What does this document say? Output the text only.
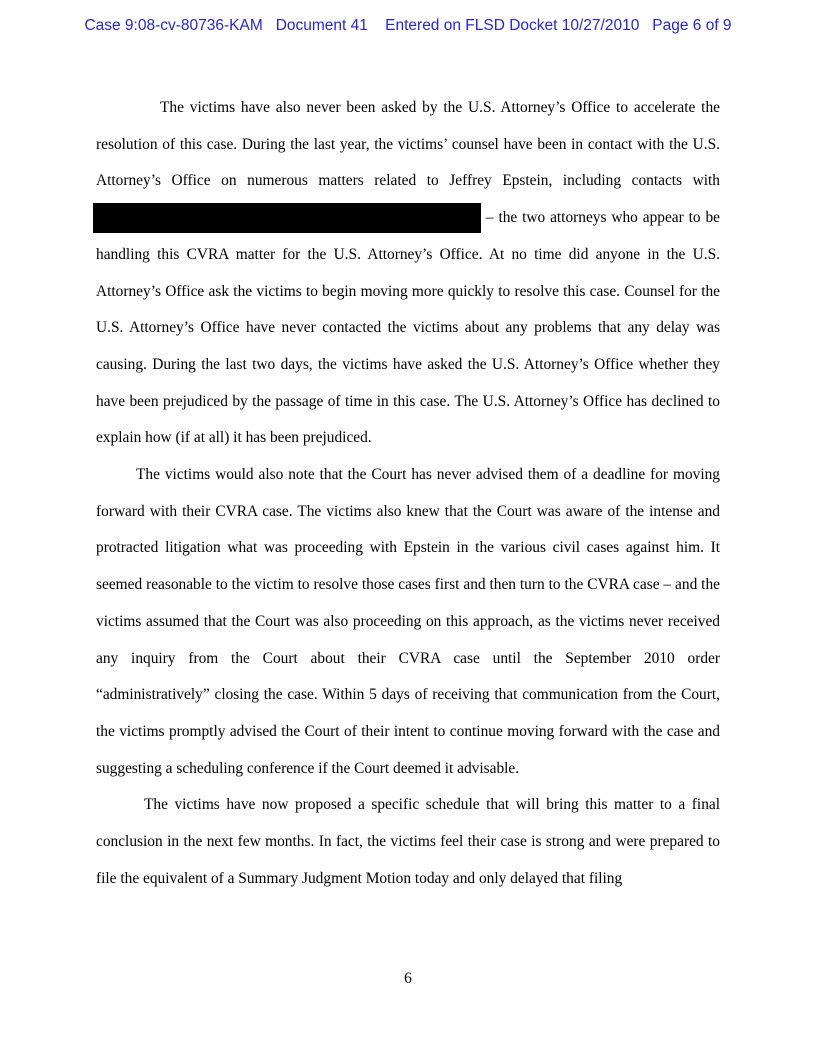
Case 9:08-cv-80736-KAM Document 41 Entered on FLSD Docket 10/27/2010 Page 6 of 9

The victims have also never been asked by the U.S. Attorney’s Office to accelerate the resolution of this case. During the last year, the victims’ counsel have been in contact with the U.S. Attorney’s Office on numerous matters related to Jeffrey Epstein, including contacts with  – the two attorneys who appear to be handling this CVRA matter for the U.S. Attorney’s Office. At no time did anyone in the U.S. Attorney’s Office ask the victims to begin moving more quickly to resolve this case. Counsel for the U.S. Attorney’s Office have never contacted the victims about any problems that any delay was causing. During the last two days, the victims have asked the U.S. Attorney’s Office whether they have been prejudiced by the passage of time in this case. The U.S. Attorney’s Office has declined to explain how (if at all) it has been prejudiced.

The victims would also note that the Court has never advised them of a deadline for moving forward with their CVRA case. The victims also knew that the Court was aware of the intense and protracted litigation what was proceeding with Epstein in the various civil cases against him. It seemed reasonable to the victim to resolve those cases first and then turn to the CVRA case – and the victims assumed that the Court was also proceeding on this approach, as the victims never received any inquiry from the Court about their CVRA case until the September 2010 order “administratively” closing the case. Within 5 days of receiving that communication from the Court, the victims promptly advised the Court of their intent to continue moving forward with the case and suggesting a scheduling conference if the Court deemed it advisable.

The victims have now proposed a specific schedule that will bring this matter to a final conclusion in the next few months. In fact, the victims feel their case is strong and were prepared to file the equivalent of a Summary Judgment Motion today and only delayed that filing

6
